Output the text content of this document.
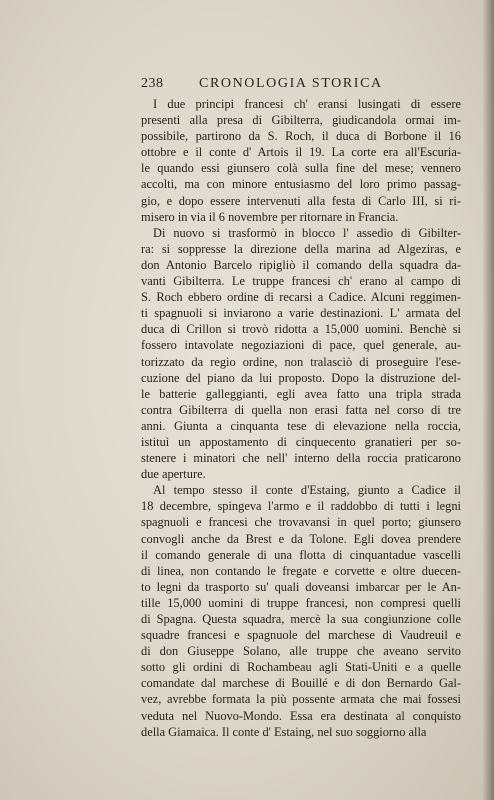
238	CRONOLOGIA STORICA
I due principi francesi ch' eransi lusingati di essere
presenti alla presa di Gibilterra, giudicandola ormai im-
possibile, partirono da S. Roch, il duca di Borbone il 16
ottobre e il conte d' Artois il 19. La corte era all'Escuria-
le quando essi giunsero colà sulla fine del mese; vennero
accolti, ma con minore entusiasmo del loro primo passag-
gio, e dopo essere intervenuti alla festa di Carlo III, si ri-
misero in via il 6 novembre per ritornare in Francia.
Di nuovo si trasformò in blocco l' assedio di Gibilter-
ra: si soppresse la direzione della marina ad Algeziras, e
don Antonio Barcelo ripigliò il comando della squadra da-
vanti Gibilterra. Le truppe francesi ch' erano al campo di
S. Roch ebbero ordine di recarsi a Cadice. Alcuni reggimen-
ti spagnuoli si inviarono a varie destinazioni. L' armata del
duca di Crillon si trovò ridotta a 15,000 uomini. Benchè si
fossero intavolate negoziazioni di pace, quel generale, au-
torizzato da regio ordine, non tralasciò di proseguire l'ese-
cuzione del piano da lui proposto. Dopo la distruzione del-
le batterie galleggianti, egli avea fatto una tripla strada
contra Gibilterra di quella non erasi fatta nel corso di tre
anni. Giunta a cinquanta tese di elevazione nella roccia,
istituì un appostamento di cinquecento granatieri per so-
stenere i minatori che nell' interno della roccia praticarono
due aperture.
Al tempo stesso il conte d'Estaing, giunto a Cadice il
18 decembre, spingeva l'armo e il raddobbo di tutti i legni
spagnuoli e francesi che trovavansi in quel porto; giunsero
convogli anche da Brest e da Tolone. Egli dovea prendere
il comando generale di una flotta di cinquantadue vascelli
di linea, non contando le fregate e corvette e oltre duecen-
to legni da trasporto su' quali doveansi imbarcar per le An-
tille 15,000 uomini di truppe francesi, non compresi quelli
di Spagna. Questa squadra, mercè la sua congiunzione colle
squadre francesi e spagnuole del marchese di Vaudreuil e
di don Giuseppe Solano, alle truppe che aveano servito
sotto gli ordini di Rochambeau agli Stati-Uniti e a quelle
comandate dal marchese di Bouillé e di don Bernardo Gal-
vez, avrebbe formata la più possente armata che mai fossesi
veduta nel Nuovo-Mondo. Essa era destinata al conquisto
della Giamaica. Il conte d' Estaing, nel suo soggiorno alla
